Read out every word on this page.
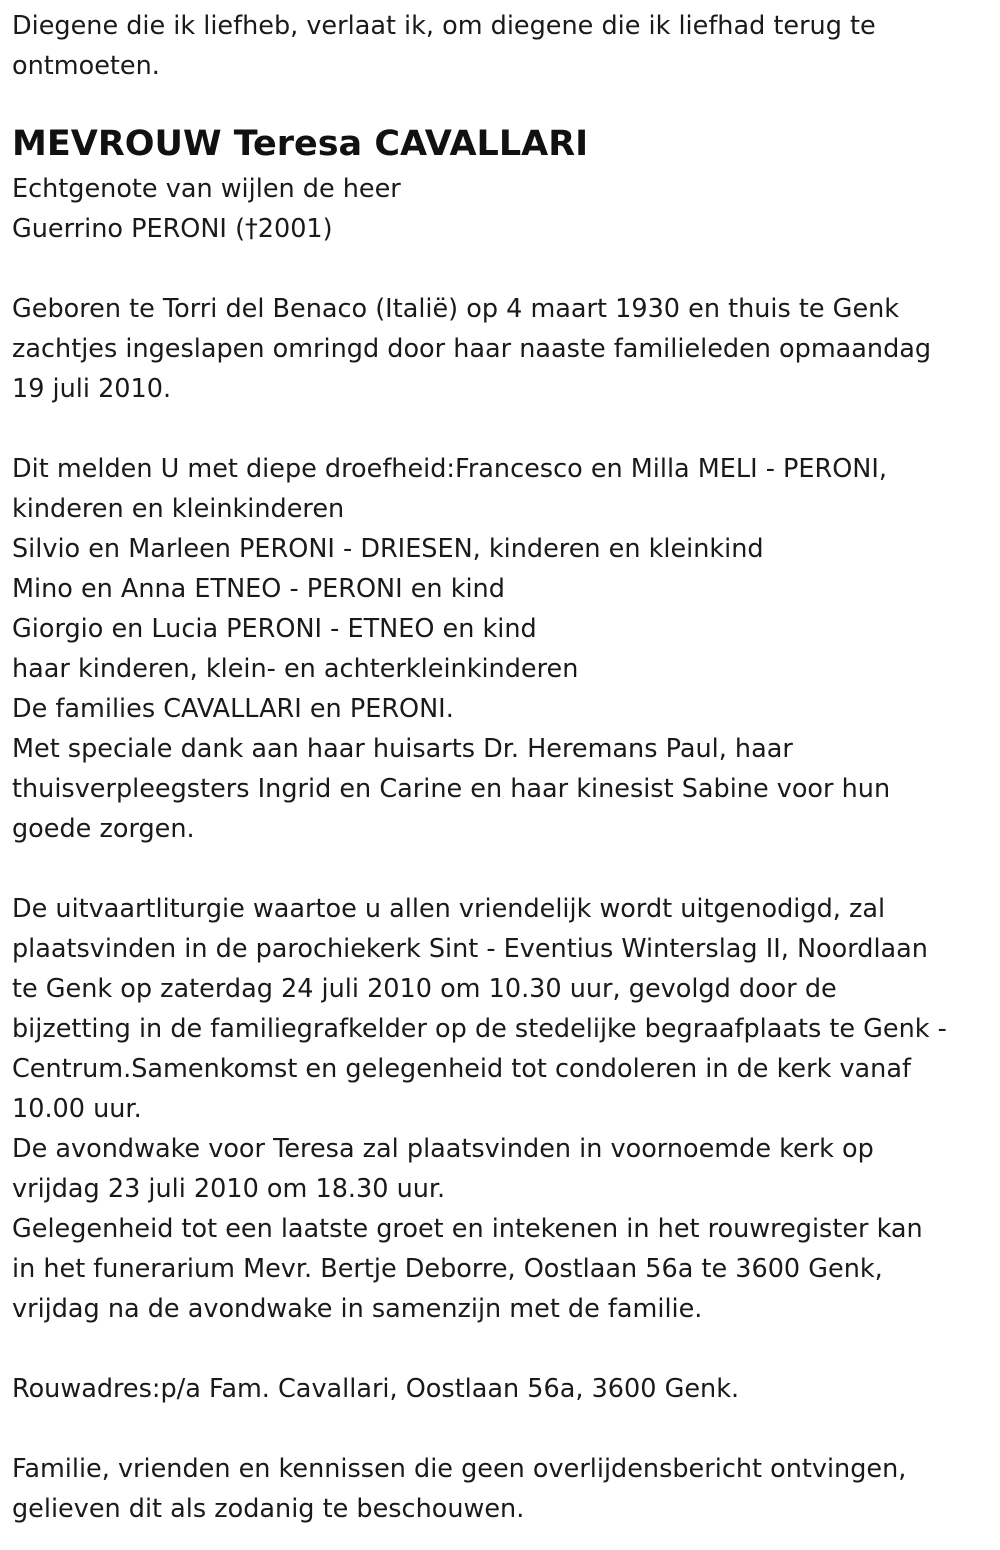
Diegene die ik liefheb, verlaat ik, om diegene die ik liefhad terug te
ontmoeten.
MEVROUW Teresa CAVALLARI
Echtgenote van wijlen de heer
Guerrino PERONI (†2001)
Geboren te Torri del Benaco (Italië) op 4 maart 1930 en thuis te Genk
zachtjes ingeslapen omringd door haar naaste familieleden opmaandag
19 juli 2010.
Dit melden U met diepe droefheid:Francesco en Milla MELI - PERONI,
kinderen en kleinkinderen
Silvio en Marleen PERONI - DRIESEN, kinderen en kleinkind
Mino en Anna ETNEO - PERONI en kind
Giorgio en Lucia PERONI - ETNEO en kind
haar kinderen, klein- en achterkleinkinderen
De families CAVALLARI en PERONI.
Met speciale dank aan haar huisarts Dr. Heremans Paul, haar
thuisverpleegsters Ingrid en Carine en haar kinesist Sabine voor hun
goede zorgen.
De uitvaartliturgie waartoe u allen vriendelijk wordt uitgenodigd, zal
plaatsvinden in de parochiekerk Sint - Eventius Winterslag II, Noordlaan
te Genk op zaterdag 24 juli 2010 om 10.30 uur, gevolgd door de
bijzetting in de familiegrafkelder op de stedelijke begraafplaats te Genk -
Centrum.Samenkomst en gelegenheid tot condoleren in de kerk vanaf
10.00 uur.
De avondwake voor Teresa zal plaatsvinden in voornoemde kerk op
vrijdag 23 juli 2010 om 18.30 uur.
Gelegenheid tot een laatste groet en intekenen in het rouwregister kan
in het funerarium Mevr. Bertje Deborre, Oostlaan 56a te 3600 Genk,
vrijdag na de avondwake in samenzijn met de familie.
Rouwadres:p/a Fam. Cavallari, Oostlaan 56a, 3600 Genk.
Familie, vrienden en kennissen die geen overlijdensbericht ontvingen,
gelieven dit als zodanig te beschouwen.
